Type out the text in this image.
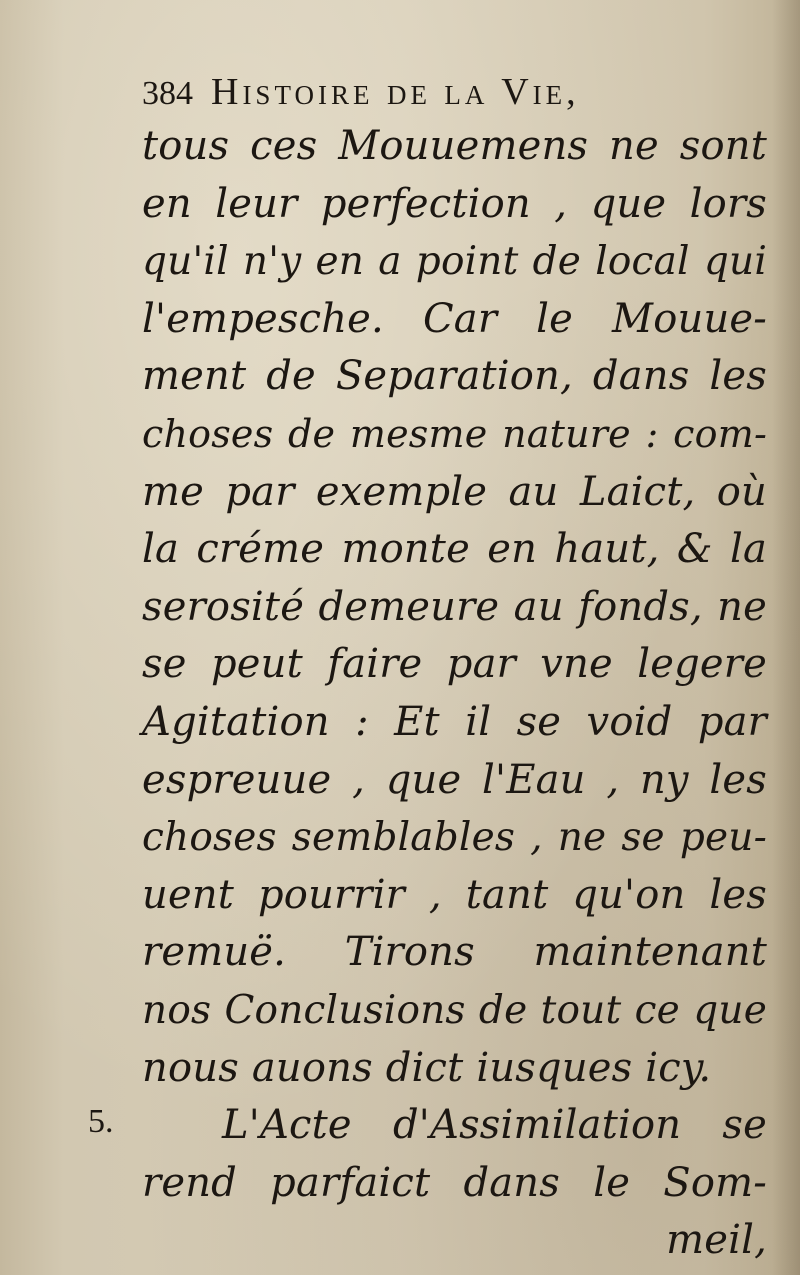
384 Histoire de la Vie,
5.
tous ces Mouuemens ne sont
en leur perfection , que lors
qu'il n'y en a point de local qui
l'empesche. Car le Mouue-
ment de Separation, dans les
choses de mesme nature : com-
me par exemple au Laict, où
la créme monte en haut, & la
serosité demeure au fonds, ne
se peut faire par vne legere
Agitation : Et il se void par
espreuue , que l'Eau , ny les
choses semblables , ne se peu-
uent pourrir , tant qu'on les
remuë. Tirons maintenant
nos Conclusions de tout ce que
nous auons dict iusques icy.
L'Acte d'Assimilation se
rend parfaict dans le Som-
meil,
